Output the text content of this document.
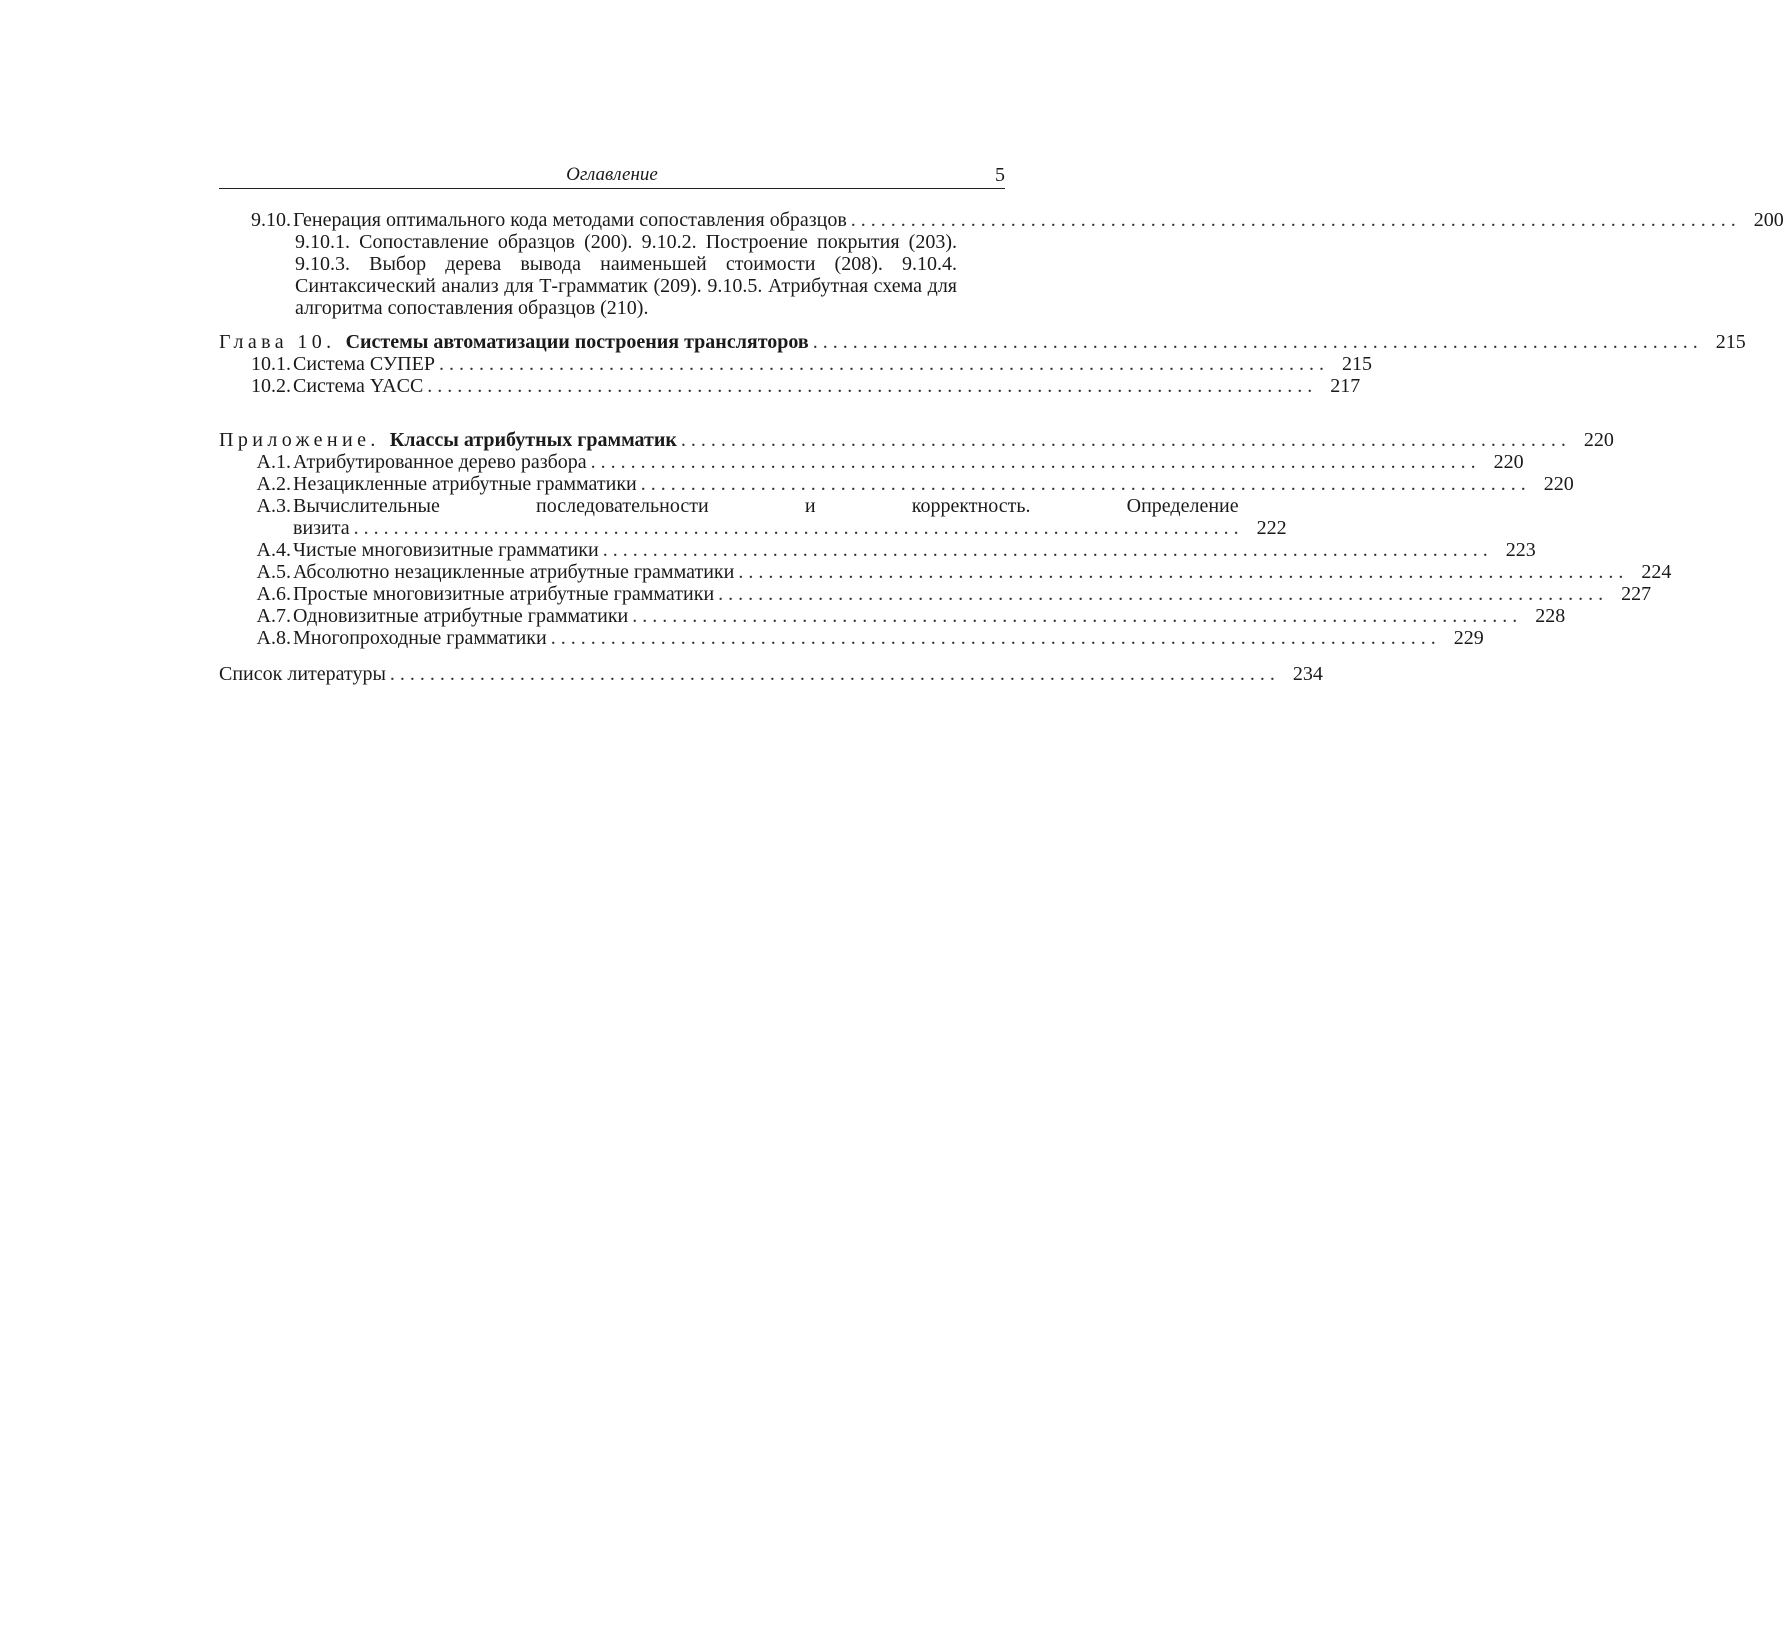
Оглавление	5
9.10. Генерация оптимального кода методами сопоставления образцов . . .	200
9.10.1. Сопоставление образцов (200). 9.10.2. Построение покрытия (203). 9.10.3. Выбор дерева вывода наименьшей стоимости (208). 9.10.4. Синтаксический анализ для Т-грамматик (209). 9.10.5. Атрибутная схема для алгоритма сопоставления образцов (210).
Глава 10. Системы автоматизации построения трансляторов . . .	215
10.1. Система СУПЕР . . .	215
10.2. Система YACC . . .	217
Приложение. Классы атрибутных грамматик . . .	220
А.1. Атрибутированное дерево разбора . . .	220
А.2. Незацикленные атрибутные грамматики . . .	220
А.3. Вычислительные последовательности и корректность. Определение
визита . . .	222
А.4. Чистые многовизитные грамматики . . .	223
А.5. Абсолютно незацикленные атрибутные грамматики . . .	224
А.6. Простые многовизитные атрибутные грамматики . . .	227
А.7. Одновизитные атрибутные грамматики . . .	228
А.8. Многопроходные грамматики . . .	229
Список литературы . . .	234
